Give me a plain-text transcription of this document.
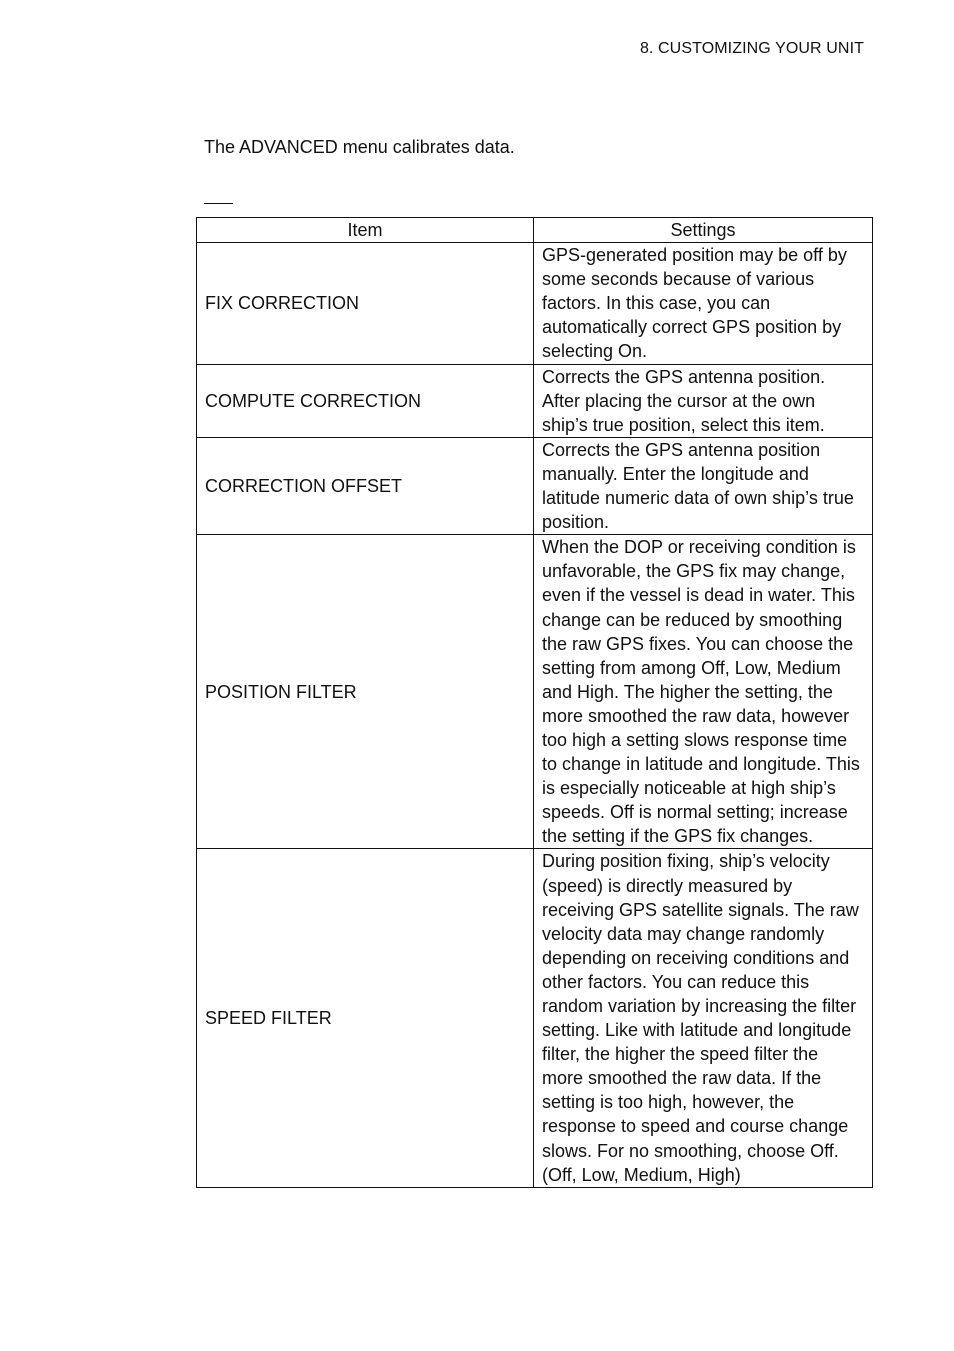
8. CUSTOMIZING YOUR UNIT
The ADVANCED menu calibrates data.
Item	Settings
FIX CORRECTION	GPS-generated position may be off by some seconds because of various factors. In this case, you can automatically correct GPS position by selecting On.
COMPUTE CORRECTION	Corrects the GPS antenna position. After placing the cursor at the own ship’s true position, select this item.
CORRECTION OFFSET	Corrects the GPS antenna position manually. Enter the longitude and latitude numeric data of own ship’s true position.
POSITION FILTER	When the DOP or receiving condition is unfavorable, the GPS fix may change, even if the vessel is dead in water. This change can be reduced by smoothing the raw GPS fixes. You can choose the setting from among Off, Low, Medium and High. The higher the setting, the more smoothed the raw data, however too high a setting slows response time to change in latitude and longitude. This is especially noticeable at high ship’s speeds. Off is normal setting; increase the setting if the GPS fix changes.
SPEED FILTER	During position fixing, ship’s velocity (speed) is directly measured by receiving GPS satellite signals. The raw velocity data may change randomly depending on receiving conditions and other factors. You can reduce this random variation by increasing the filter setting. Like with latitude and longitude filter, the higher the speed filter the more smoothed the raw data. If the setting is too high, however, the response to speed and course change slows. For no smoothing, choose Off. (Off, Low, Medium, High)
